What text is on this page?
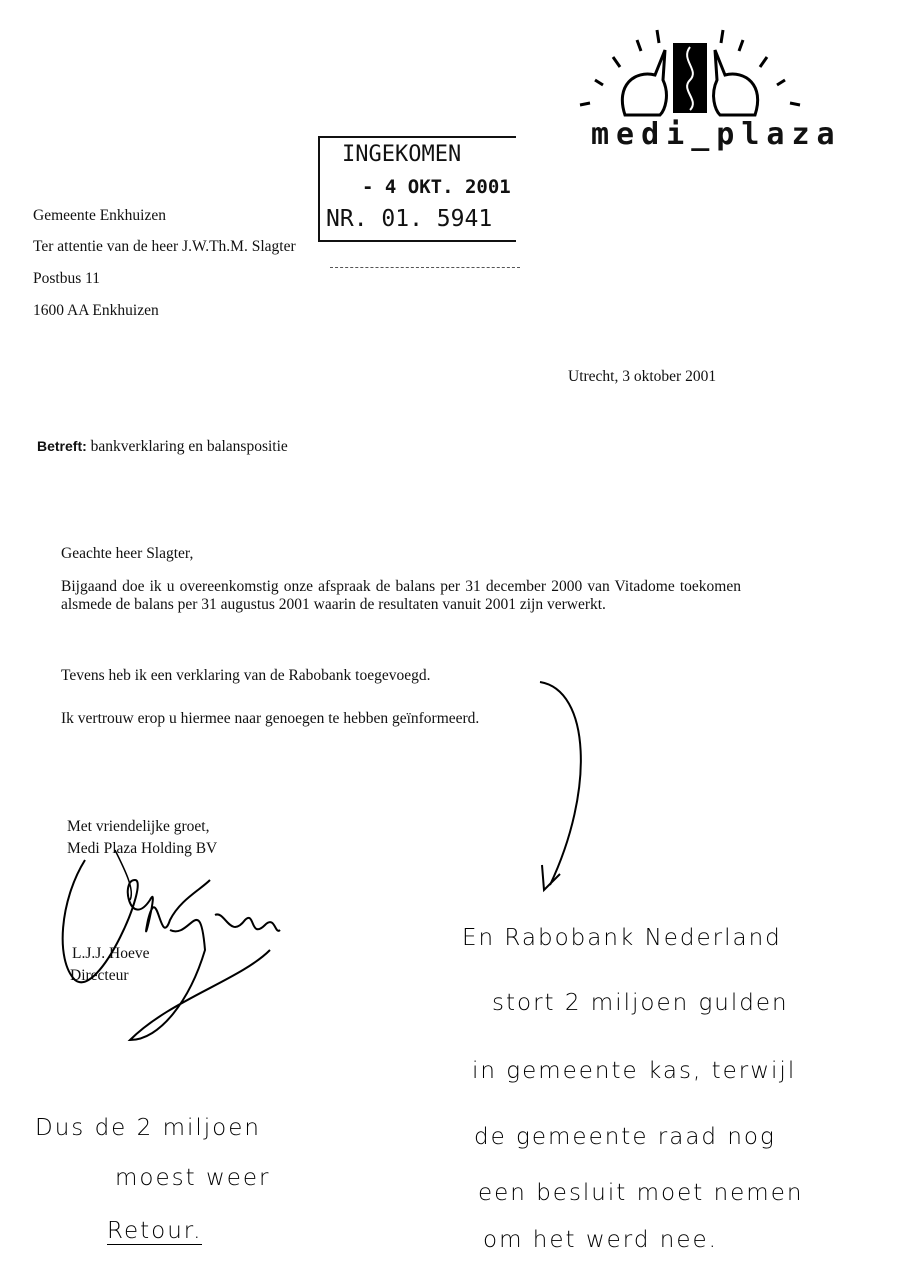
medi_plaza
INGEKOMEN
- 4 OKT. 2001
NR. 01. 5941
Gemeente Enkhuizen
Ter attentie van de heer J.W.Th.M. Slagter
Postbus 11
1600 AA Enkhuizen
Utrecht, 3 oktober 2001
Betreft: bankverklaring en balanspositie
Geachte heer Slagter,
Bijgaand doe ik u overeenkomstig onze afspraak de balans per 31 december 2000 van Vitadome toekomen alsmede de balans per 31 augustus 2001 waarin de resultaten vanuit 2001 zijn verwerkt.
Tevens heb ik een verklaring van de Rabobank toegevoegd.
Ik vertrouw erop u hiermee naar genoegen te hebben geïnformeerd.
Met vriendelijke groet,
Medi Plaza Holding BV
L.J.J. Hoeve
Directeur
En Rabobank Nederland
stort 2 miljoen gulden
in gemeente kas, terwijl
de gemeente raad nog
een besluit moet nemen
om het werd nee.
Dus de 2 miljoen
moest weer
Retour.
